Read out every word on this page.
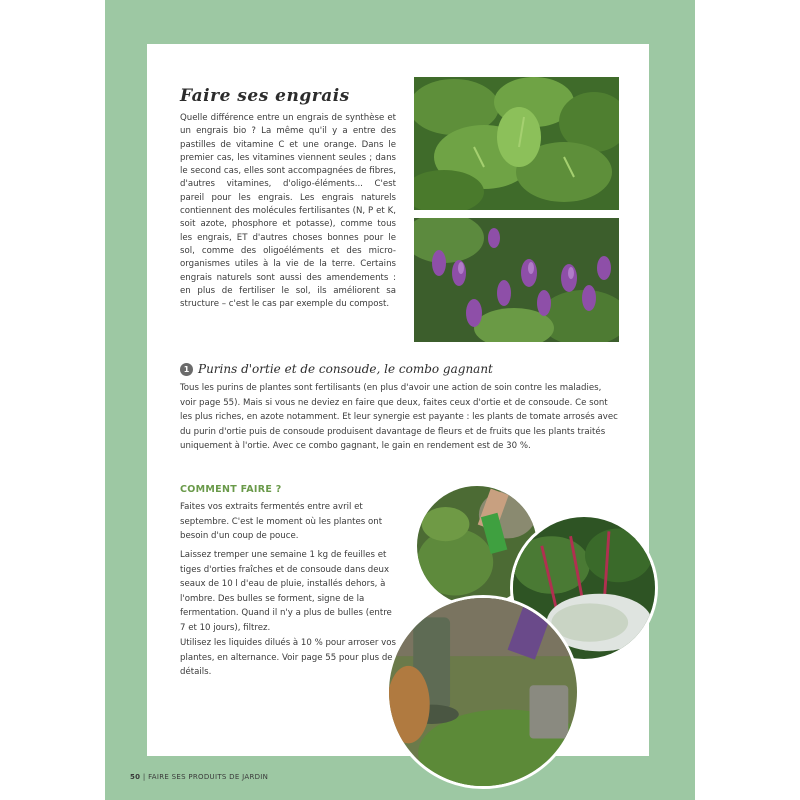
Faire ses engrais

Quelle différence entre un engrais de synthèse et un engrais bio ? La même qu'il y a entre des pastilles de vitamine C et une orange. Dans le premier cas, les vitamines viennent seules ; dans le second cas, elles sont accompagnées de fibres, d'autres vitamines, d'oligo-éléments... C'est pareil pour les engrais. Les engrais naturels contiennent des molécules fertilisantes (N, P et K, soit azote, phosphore et potasse), comme tous les engrais, ET d'autres choses bonnes pour le sol, comme des oligoéléments et des micro-organismes utiles à la vie de la terre. Certains engrais naturels sont aussi des amendements : en plus de fertiliser le sol, ils améliorent sa structure – c'est le cas par exemple du compost.

1 Purins d'ortie et de consoude, le combo gagnant

Tous les purins de plantes sont fertilisants (en plus d'avoir une action de soin contre les maladies, voir page 55). Mais si vous ne deviez en faire que deux, faites ceux d'ortie et de consoude. Ce sont les plus riches, en azote notamment. Et leur synergie est payante : les plants de tomate arrosés avec du purin d'ortie puis de consoude produisent davantage de fleurs et de fruits que les plants traités uniquement à l'ortie. Avec ce combo gagnant, le gain en rendement est de 30 %.

COMMENT FAIRE ?

Faites vos extraits fermentés entre avril et septembre. C'est le moment où les plantes ont besoin d'un coup de pouce.

Laissez tremper une semaine 1 kg de feuilles et tiges d'orties fraîches et de consoude dans deux seaux de 10 l d'eau de pluie, installés dehors, à l'ombre. Des bulles se forment, signe de la fermentation. Quand il n'y a plus de bulles (entre 7 et 10 jours), filtrez.

Utilisez les liquides dilués à 10 % pour arroser vos plantes, en alternance. Voir page 55 pour plus de détails.

50 | FAIRE SES PRODUITS DE JARDIN
